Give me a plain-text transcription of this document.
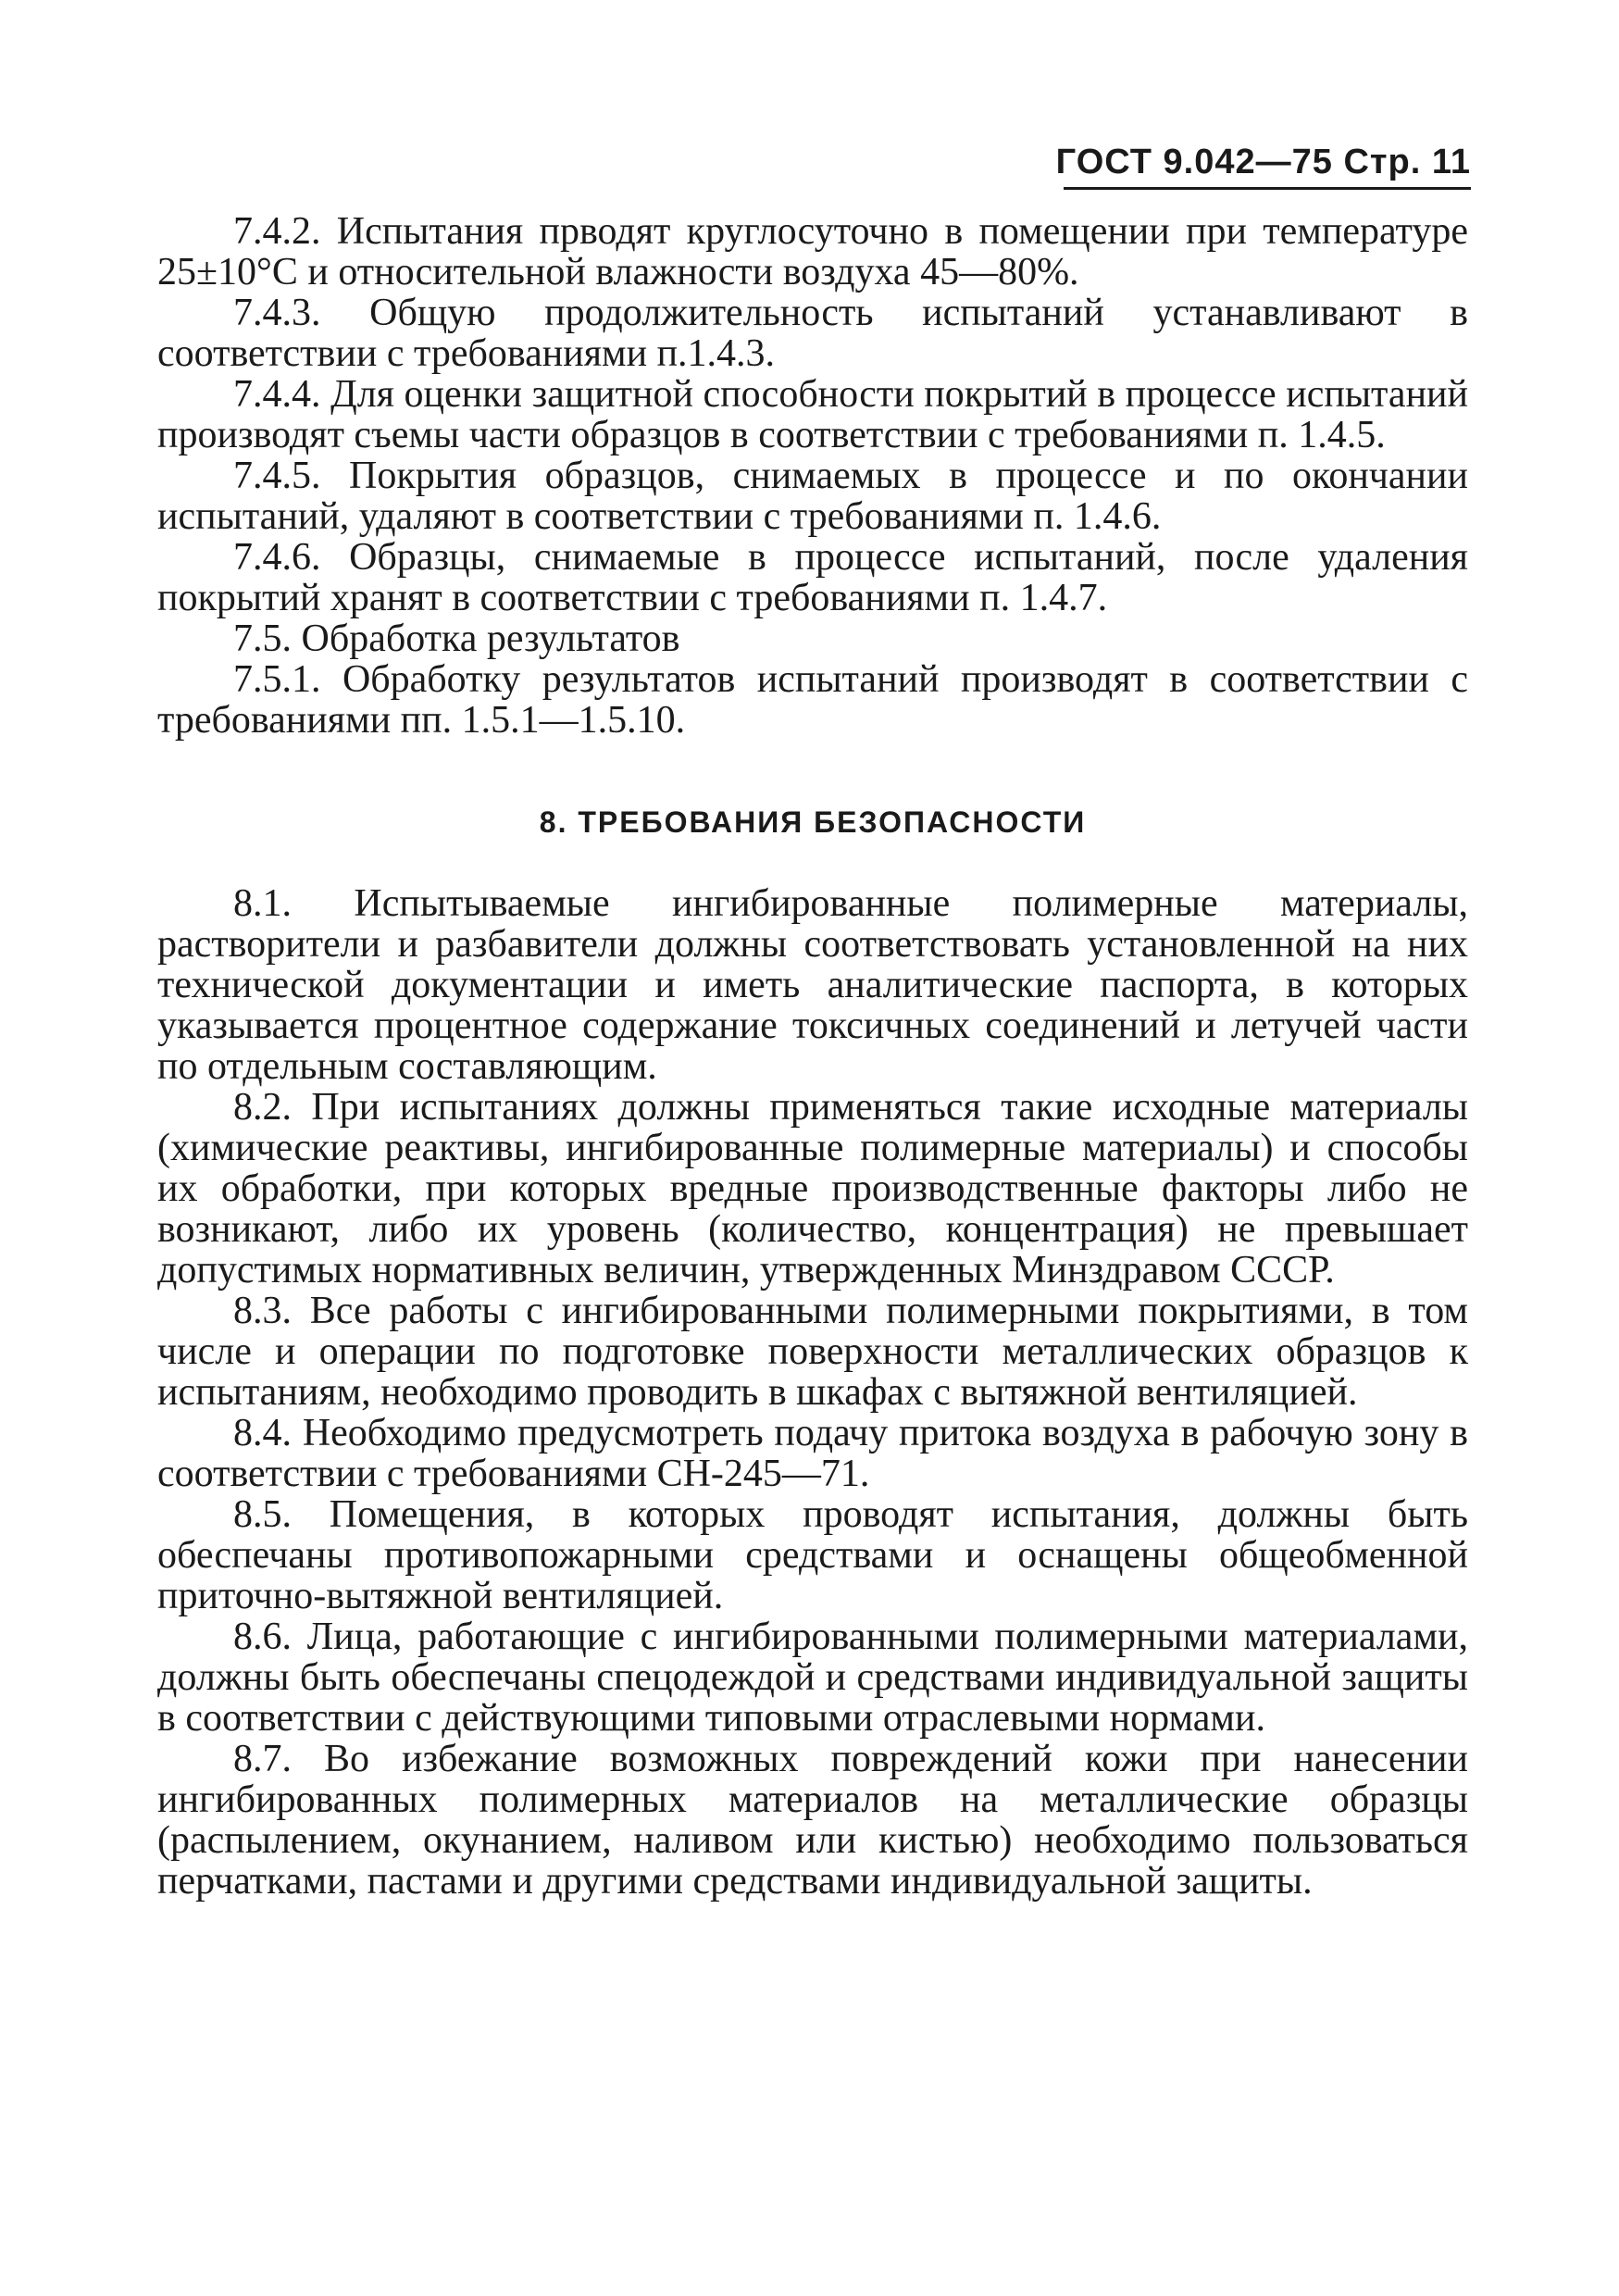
ГОСТ 9.042—75 Стр. 11

7.4.2. Испытания прводят круглосуточно в помещении при температуре 25±10°C и относительной влажности воздуха 45—80%.

7.4.3. Общую продолжительность испытаний устанавливают в соответствии с требованиями п.1.4.3.

7.4.4. Для оценки защитной способности покрытий в процессе испытаний производят съемы части образцов в соответствии с требованиями п. 1.4.5.

7.4.5. Покрытия образцов, снимаемых в процессе и по окончании испытаний, удаляют в соответствии с требованиями п. 1.4.6.

7.4.6. Образцы, снимаемые в процессе испытаний, после удаления покрытий хранят в соответствии с требованиями п. 1.4.7.

7.5. Обработка результатов

7.5.1. Обработку результатов испытаний производят в соответствии с требованиями пп. 1.5.1—1.5.10.

8. ТРЕБОВАНИЯ БЕЗОПАСНОСТИ

8.1. Испытываемые ингибированные полимерные материалы, растворители и разбавители должны соответствовать установленной на них технической документации и иметь аналитические паспорта, в которых указывается процентное содержание токсичных соединений и летучей части по отдельным составляющим.

8.2. При испытаниях должны применяться такие исходные материалы (химические реактивы, ингибированные полимерные материалы) и способы их обработки, при которых вредные производственные факторы либо не возникают, либо их уровень (количество, концентрация) не превышает допустимых нормативных величин, утвержденных Минздравом СССР.

8.3. Все работы с ингибированными полимерными покрытиями, в том числе и операции по подготовке поверхности металлических образцов к испытаниям, необходимо проводить в шкафах с вытяжной вентиляцией.

8.4. Необходимо предусмотреть подачу притока воздуха в рабочую зону в соответствии с требованиями СН-245—71.

8.5. Помещения, в которых проводят испытания, должны быть обеспечаны противопожарными средствами и оснащены общеобменной приточно-вытяжной вентиляцией.

8.6. Лица, работающие с ингибированными полимерными материалами, должны быть обеспечаны спецодеждой и средствами индивидуальной защиты в соответствии с действующими типовыми отраслевыми нормами.

8.7. Во избежание возможных повреждений кожи при нанесении ингибированных полимерных материалов на металлические образцы (распылением, окунанием, наливом или кистью) необходимо пользоваться перчатками, пастами и другими средствами индивидуальной защиты.
